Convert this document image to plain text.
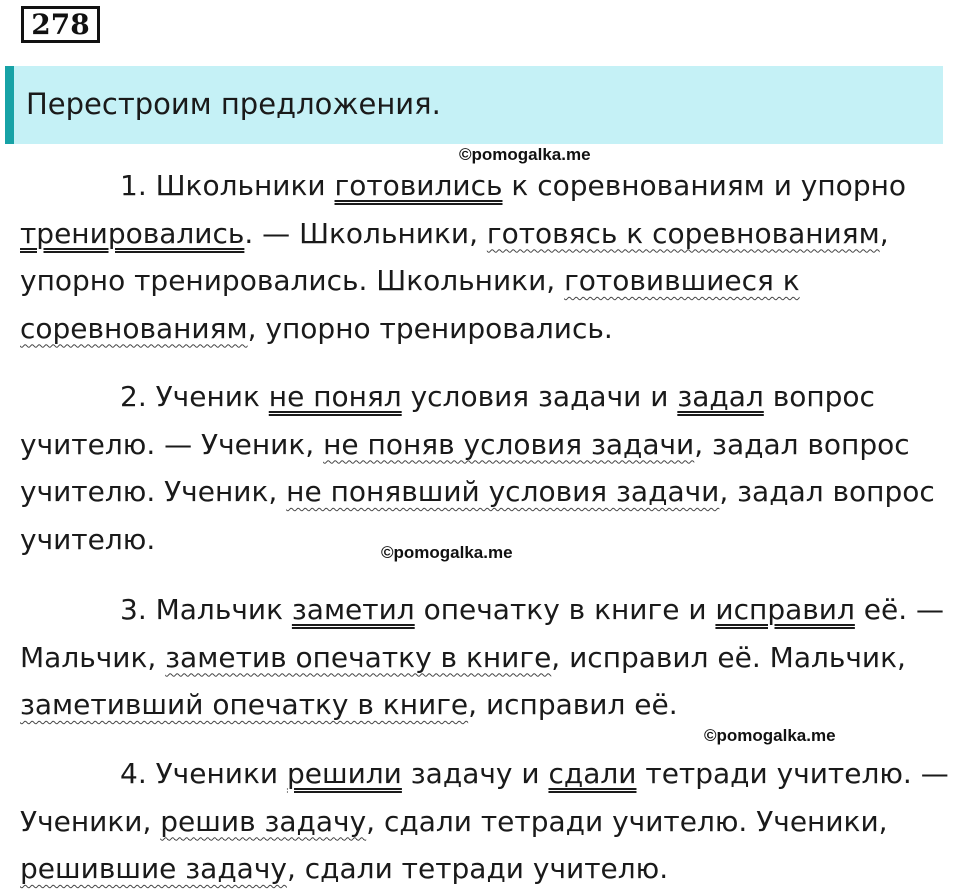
278
Перестроим предложения.
©pomogalka.me

1. Школьники готовились к соревнованиям и упорно тренировались. — Школьники, готовясь к соревнованиям, упорно тренировались. Школьники, готовившиеся к соревнованиям, упорно тренировались.

2. Ученик не понял условия задачи и задал вопрос учителю. — Ученик, не поняв условия задачи, задал вопрос учителю. Ученик, не понявший условия задачи, задал вопрос учителю.	©pomogalka.me

3. Мальчик заметил опечатку в книге и исправил её. — Мальчик, заметив опечатку в книге, исправил её. Мальчик, заметивший опечатку в книге, исправил её.

©pomogalka.me

4. Ученики решили задачу и сдали тетради учителю. — Ученики, решив задачу, сдали тетради учителю. Ученики, решившие задачу, сдали тетради учителю.
